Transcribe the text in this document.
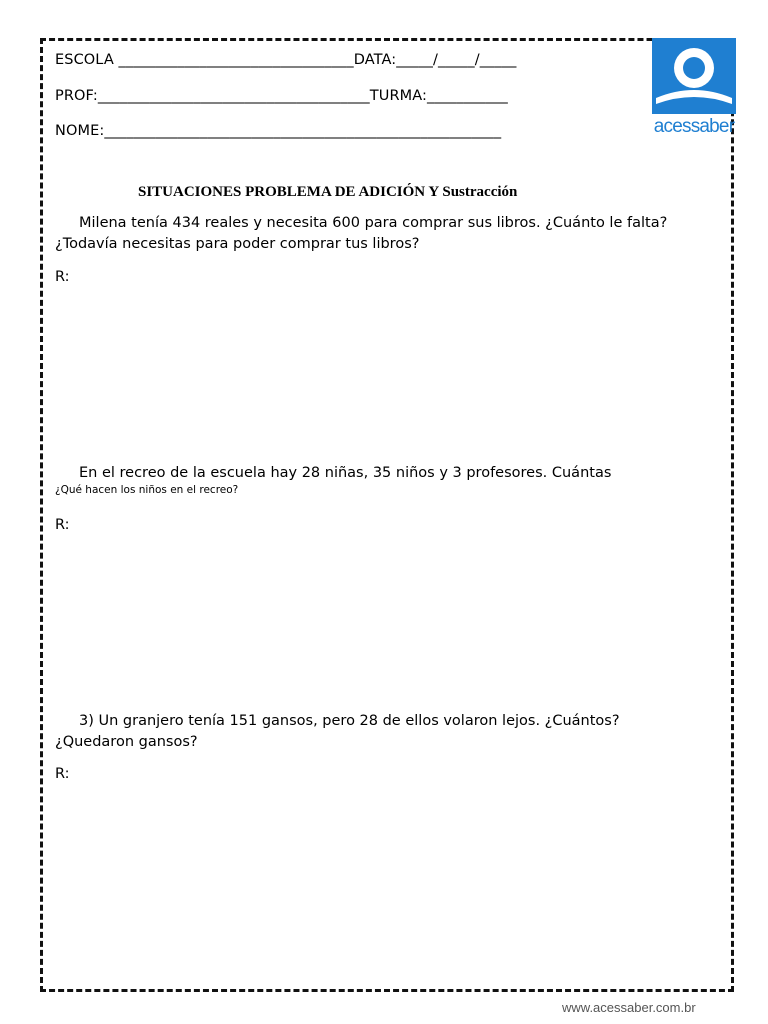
ESCOLA ________________________________DATA:_____/_____/_____
PROF:_____________________________________TURMA:___________
NOME:______________________________________________________	acessaber
SITUACIONES PROBLEMA DE ADICIÓN Y Sustracción
Milena tenía 434 reales y necesita 600 para comprar sus libros. ¿Cuánto le falta?
¿Todavía necesitas para poder comprar tus libros?
R:
En el recreo de la escuela hay 28 niñas, 35 niños y 3 profesores. Cuántas
¿Qué hacen los niños en el recreo?
R:
3) Un granjero tenía 151 gansos, pero 28 de ellos volaron lejos. ¿Cuántos?
¿Quedaron gansos?
R:
www.acessaber.com.br
